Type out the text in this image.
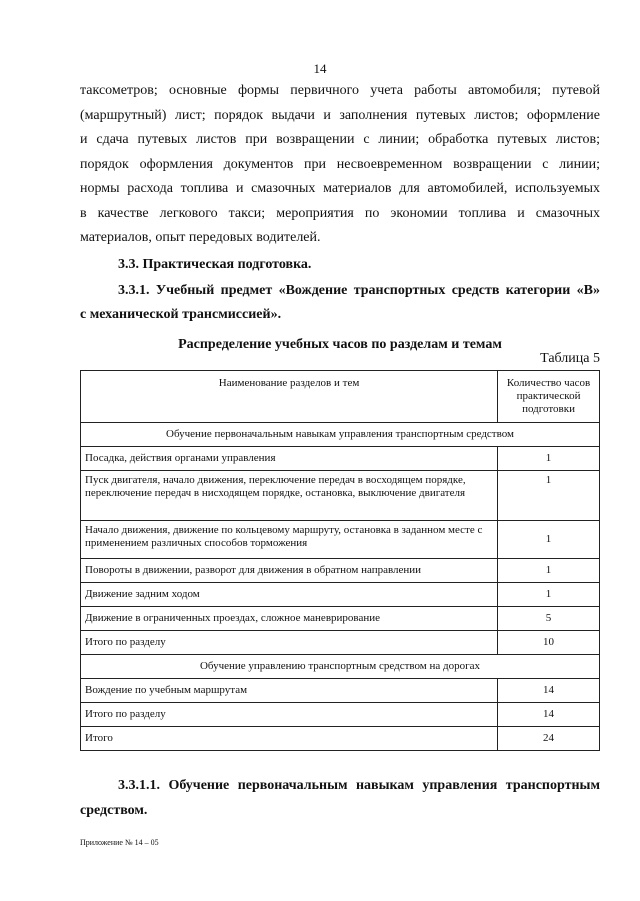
14
таксометров; основные формы первичного учета работы автомобиля; путевой
(маршрутный) лист; порядок выдачи и заполнения путевых листов; оформление
и сдача путевых листов при возвращении с линии; обработка путевых листов;
порядок оформления документов при несвоевременном возвращении с линии;
нормы расхода топлива и смазочных материалов для автомобилей, используемых
в качестве легкового такси; мероприятия по экономии топлива и смазочных
материалов, опыт передовых водителей.
3.3. Практическая подготовка.
3.3.1. Учебный предмет «Вождение транспортных средств категории «В»
с механической трансмиссией».
Распределение учебных часов по разделам и темам
Таблица 5
Наименование разделов и тем	Количество часов практической подготовки
Обучение первоначальным навыкам управления транспортным средством	
Посадка, действия органами управления	1
Пуск двигателя, начало движения, переключение передач в восходящем порядке, переключение передач в нисходящем порядке, остановка, выключение двигателя	1
Начало движения, движение по кольцевому маршруту, остановка в заданном месте с применением различных способов торможения	1
Повороты в движении, разворот для движения в обратном направлении	1
Движение задним ходом	1
Движение в ограниченных проездах, сложное маневрирование	5
Итого по разделу	10
Обучение управлению транспортным средством на дорогах	
Вождение по учебным маршрутам	14
Итого по разделу	14
Итого	24
3.3.1.1. Обучение первоначальным навыкам управления транспортным
средством.
Приложение № 14 – 05
